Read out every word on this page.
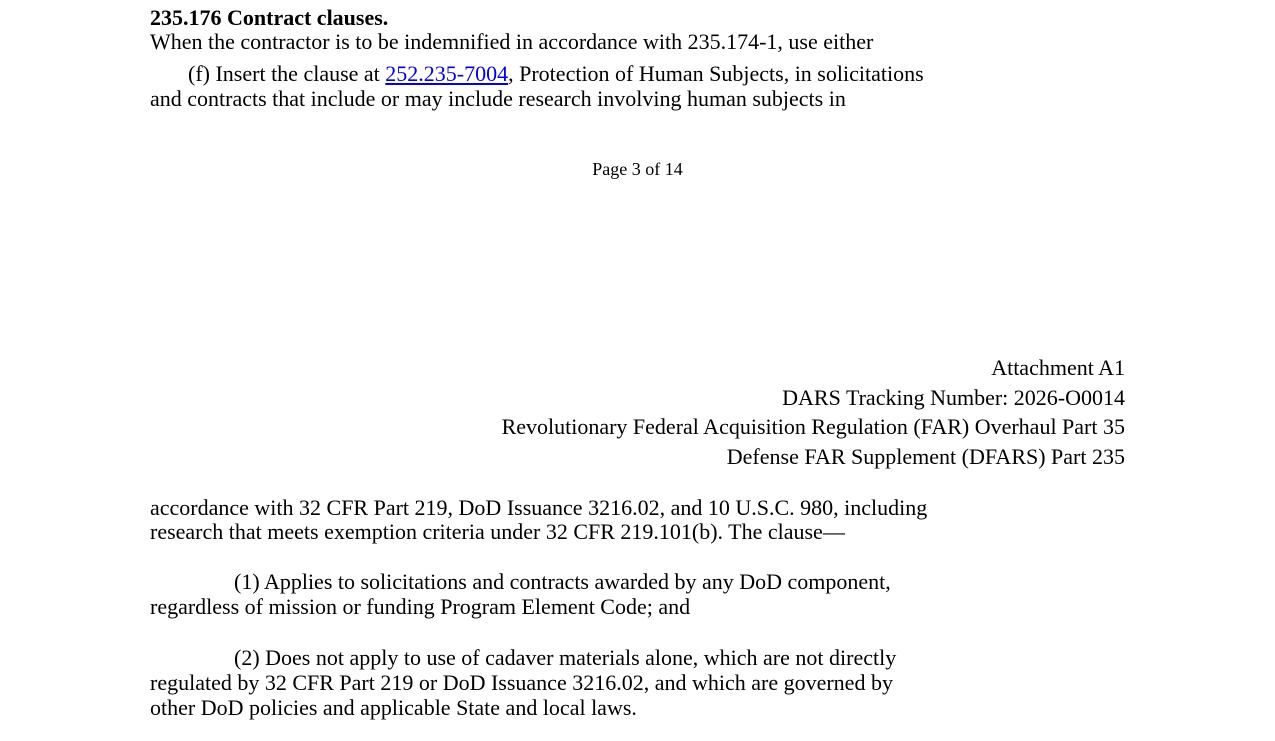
235.176 Contract clauses.
When the contractor is to be indemnified in accordance with 235.174-1, use either
(f) Insert the clause at 252.235-7004, Protection of Human Subjects, in solicitations
and contracts that include or may include research involving human subjects in
Page 3 of 14
Attachment A1
DARS Tracking Number: 2026-O0014
Revolutionary Federal Acquisition Regulation (FAR) Overhaul Part 35
Defense FAR Supplement (DFARS) Part 235
accordance with 32 CFR Part 219, DoD Issuance 3216.02, and 10 U.S.C. 980, including
research that meets exemption criteria under 32 CFR 219.101(b). The clause—
(1) Applies to solicitations and contracts awarded by any DoD component,
regardless of mission or funding Program Element Code; and
(2) Does not apply to use of cadaver materials alone, which are not directly
regulated by 32 CFR Part 219 or DoD Issuance 3216.02, and which are governed by
other DoD policies and applicable State and local laws.
